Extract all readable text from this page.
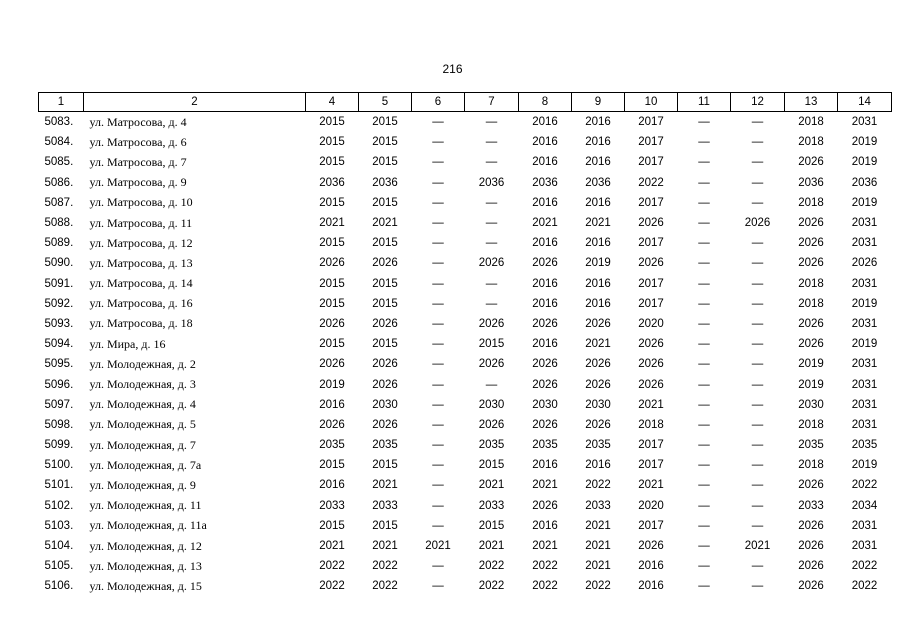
216
1	2	4	5	6	7	8	9	10	11	12	13	14
5083.	ул. Матросова, д. 4	2015	2015	—	—	2016	2016	2017	—	—	2018	2031
5084.	ул. Матросова, д. 6	2015	2015	—	—	2016	2016	2017	—	—	2018	2019
5085.	ул. Матросова, д. 7	2015	2015	—	—	2016	2016	2017	—	—	2026	2019
5086.	ул. Матросова, д. 9	2036	2036	—	2036	2036	2036	2022	—	—	2036	2036
5087.	ул. Матросова, д. 10	2015	2015	—	—	2016	2016	2017	—	—	2018	2019
5088.	ул. Матросова, д. 11	2021	2021	—	—	2021	2021	2026	—	2026	2026	2031
5089.	ул. Матросова, д. 12	2015	2015	—	—	2016	2016	2017	—	—	2026	2031
5090.	ул. Матросова, д. 13	2026	2026	—	2026	2026	2019	2026	—	—	2026	2026
5091.	ул. Матросова, д. 14	2015	2015	—	—	2016	2016	2017	—	—	2018	2031
5092.	ул. Матросова, д. 16	2015	2015	—	—	2016	2016	2017	—	—	2018	2019
5093.	ул. Матросова, д. 18	2026	2026	—	2026	2026	2026	2020	—	—	2026	2031
5094.	ул. Мира, д. 16	2015	2015	—	2015	2016	2021	2026	—	—	2026	2019
5095.	ул. Молодежная, д. 2	2026	2026	—	2026	2026	2026	2026	—	—	2019	2031
5096.	ул. Молодежная, д. 3	2019	2026	—	—	2026	2026	2026	—	—	2019	2031
5097.	ул. Молодежная, д. 4	2016	2030	—	2030	2030	2030	2021	—	—	2030	2031
5098.	ул. Молодежная, д. 5	2026	2026	—	2026	2026	2026	2018	—	—	2018	2031
5099.	ул. Молодежная, д. 7	2035	2035	—	2035	2035	2035	2017	—	—	2035	2035
5100.	ул. Молодежная, д. 7а	2015	2015	—	2015	2016	2016	2017	—	—	2018	2019
5101.	ул. Молодежная, д. 9	2016	2021	—	2021	2021	2022	2021	—	—	2026	2022
5102.	ул. Молодежная, д. 11	2033	2033	—	2033	2026	2033	2020	—	—	2033	2034
5103.	ул. Молодежная, д. 11а	2015	2015	—	2015	2016	2021	2017	—	—	2026	2031
5104.	ул. Молодежная, д. 12	2021	2021	2021	2021	2021	2021	2026	—	2021	2026	2031
5105.	ул. Молодежная, д. 13	2022	2022	—	2022	2022	2021	2016	—	—	2026	2022
5106.	ул. Молодежная, д. 15	2022	2022	—	2022	2022	2022	2016	—	—	2026	2022
